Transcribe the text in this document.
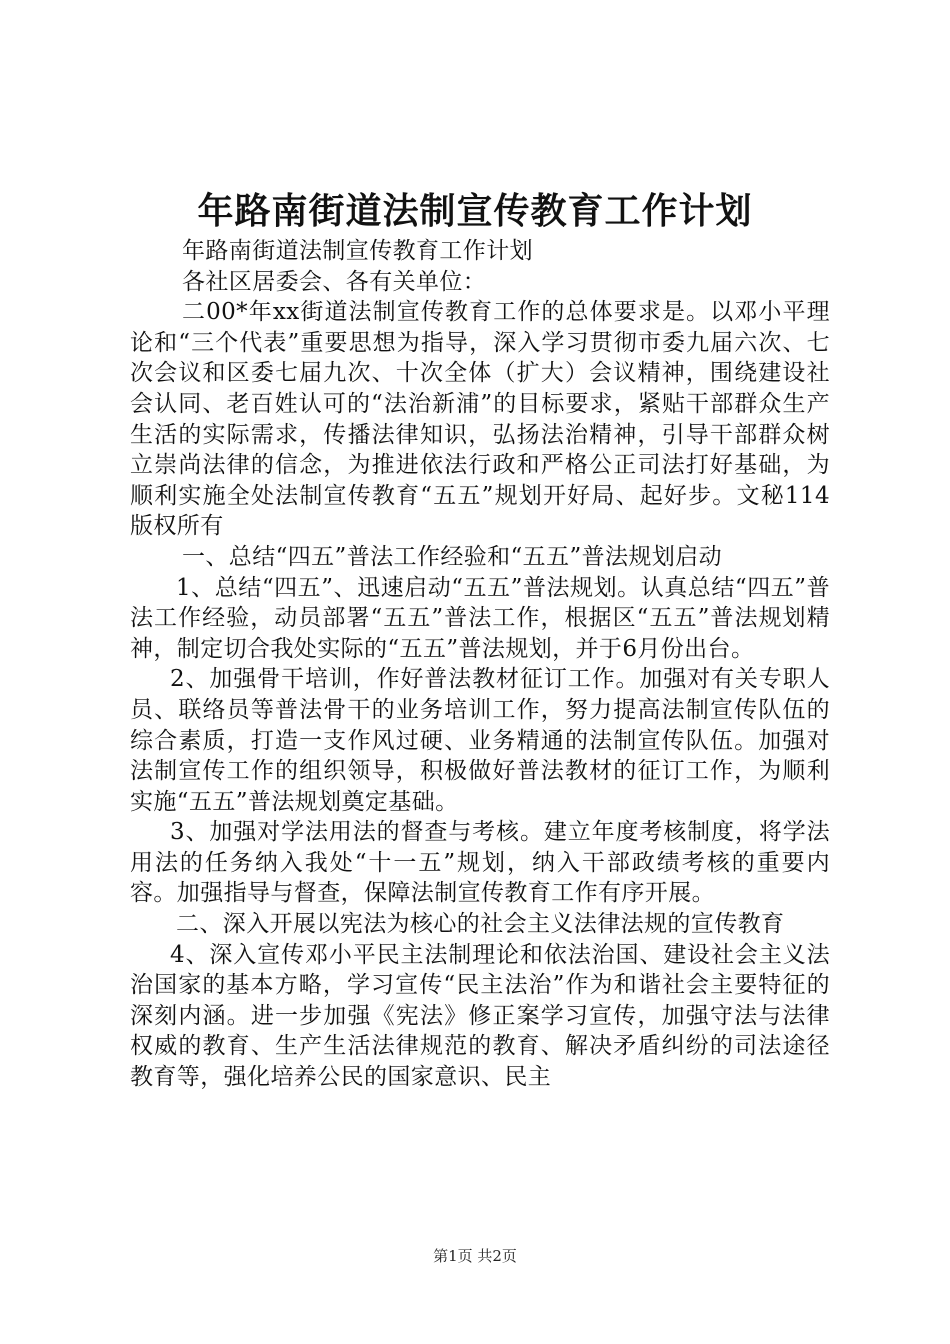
年路南街道法制宣传教育工作计划

年路南街道法制宣传教育工作计划

各社区居委会、各有关单位：

二00*年xx街道法制宣传教育工作的总体要求是。以邓小平理论和“三个代表”重要思想为指导，深入学习贯彻市委九届六次、七次会议和区委七届九次、十次全体（扩大）会议精神，围绕建设社会认同、老百姓认可的“法治新浦”的目标要求，紧贴干部群众生产生活的实际需求，传播法律知识，弘扬法治精神，引导干部群众树立崇尚法律的信念，为推进依法行政和严格公正司法打好基础，为顺利实施全处法制宣传教育“五五”规划开好局、起好步。文秘114版权所有

一、总结“四五”普法工作经验和“五五”普法规划启动

1、总结“四五”、迅速启动“五五”普法规划。认真总结“四五”普法工作经验，动员部署“五五”普法工作，根据区“五五”普法规划精神，制定切合我处实际的“五五”普法规划，并于6月份出台。

2、加强骨干培训，作好普法教材征订工作。加强对有关专职人员、联络员等普法骨干的业务培训工作，努力提高法制宣传队伍的综合素质，打造一支作风过硬、业务精通的法制宣传队伍。加强对法制宣传工作的组织领导，积极做好普法教材的征订工作，为顺利实施“五五”普法规划奠定基础。

3、加强对学法用法的督查与考核。建立年度考核制度，将学法用法的任务纳入我处“十一五”规划，纳入干部政绩考核的重要内容。加强指导与督查，保障法制宣传教育工作有序开展。

二、深入开展以宪法为核心的社会主义法律法规的宣传教育

4、深入宣传邓小平民主法制理论和依法治国、建设社会主义法治国家的基本方略，学习宣传“民主法治”作为和谐社会主要特征的深刻内涵。进一步加强《宪法》修正案学习宣传，加强守法与法律权威的教育、生产生活法律规范的教育、解决矛盾纠纷的司法途径教育等，强化培养公民的国家意识、民主

第1页 共2页
